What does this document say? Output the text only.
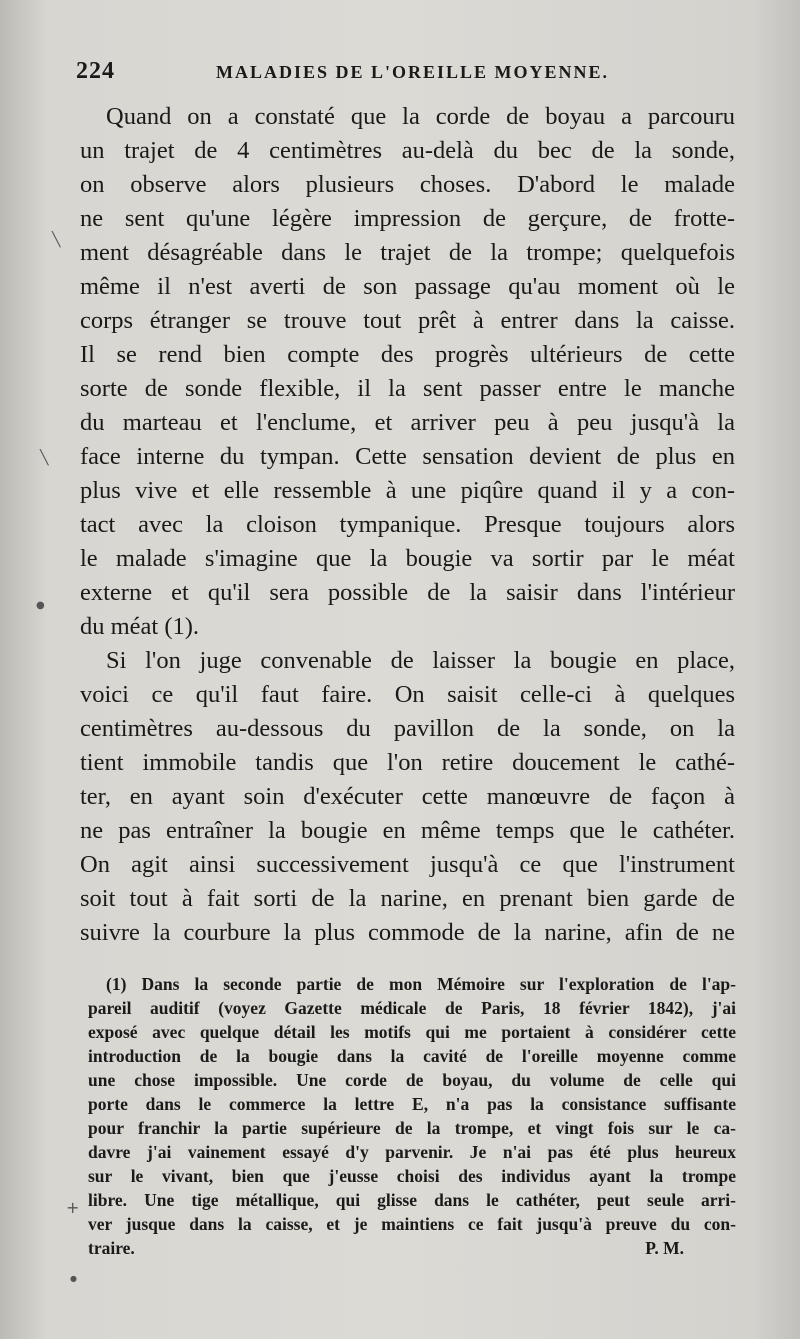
224	MALADIES DE L'OREILLE MOYENNE.
Quand on a constaté que la corde de boyau a parcouru
un trajet de 4 centimètres au-delà du bec de la sonde,
on observe alors plusieurs choses. D'abord le malade
ne sent qu'une légère impression de gerçure, de frotte-
ment désagréable dans le trajet de la trompe; quelquefois
même il n'est averti de son passage qu'au moment où le
corps étranger se trouve tout prêt à entrer dans la caisse.
Il se rend bien compte des progrès ultérieurs de cette
sorte de sonde flexible, il la sent passer entre le manche
du marteau et l'enclume, et arriver peu à peu jusqu'à la
face interne du tympan. Cette sensation devient de plus en
plus vive et elle ressemble à une piqûre quand il y a con-
tact avec la cloison tympanique. Presque toujours alors
le malade s'imagine que la bougie va sortir par le méat
externe et qu'il sera possible de la saisir dans l'intérieur
du méat (1).
Si l'on juge convenable de laisser la bougie en place,
voici ce qu'il faut faire. On saisit celle-ci à quelques
centimètres au-dessous du pavillon de la sonde, on la
tient immobile tandis que l'on retire doucement le cathé-
ter, en ayant soin d'exécuter cette manœuvre de façon à
ne pas entraîner la bougie en même temps que le cathéter.
On agit ainsi successivement jusqu'à ce que l'instrument
soit tout à fait sorti de la narine, en prenant bien garde de
suivre la courbure la plus commode de la narine, afin de ne
(1) Dans la seconde partie de mon Mémoire sur l'exploration de l'ap-
pareil auditif (voyez Gazette médicale de Paris, 18 février 1842), j'ai
exposé avec quelque détail les motifs qui me portaient à considérer cette
introduction de la bougie dans la cavité de l'oreille moyenne comme
une chose impossible. Une corde de boyau, du volume de celle qui
porte dans le commerce la lettre E, n'a pas la consistance suffisante
pour franchir la partie supérieure de la trompe, et vingt fois sur le ca-
davre j'ai vainement essayé d'y parvenir. Je n'ai pas été plus heureux
sur le vivant, bien que j'eusse choisi des individus ayant la trompe
libre. Une tige métallique, qui glisse dans le cathéter, peut seule arri-
ver jusque dans la caisse, et je maintiens ce fait jusqu'à preuve du con-
traire.	P. M.
╲
╲
●
+
●
